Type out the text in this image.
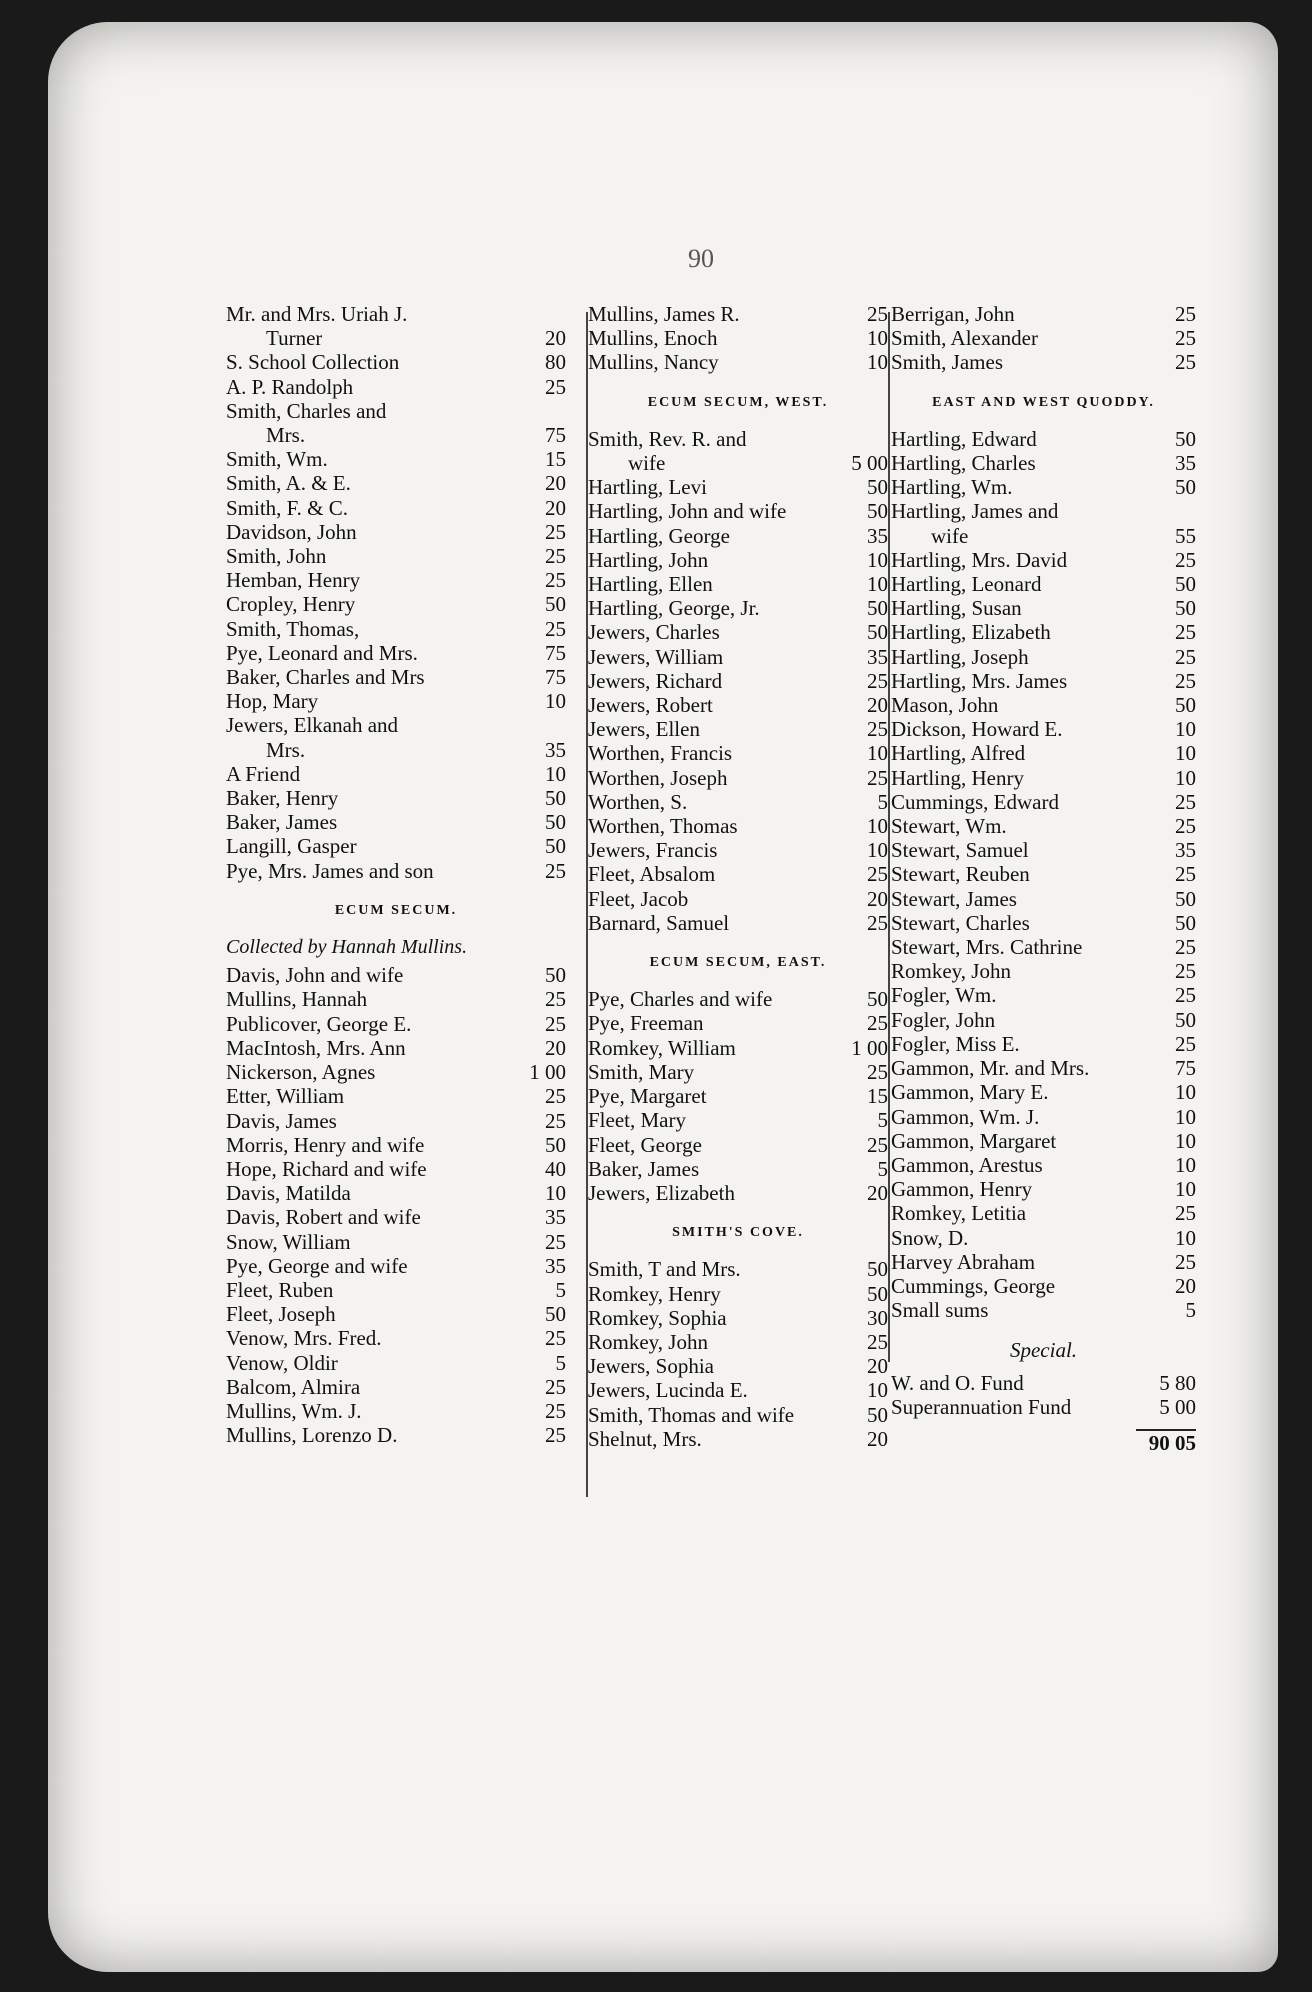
90
Mr. and Mrs. Uriah J.
Turner	20
S. School Collection	80
A. P. Randolph	25
Smith, Charles and
Mrs.	75
Smith, Wm.	15
Smith, A. & E.	20
Smith, F. & C.	20
Davidson, John	25
Smith, John	25
Hemban, Henry	25
Cropley, Henry	50
Smith, Thomas,	25
Pye, Leonard and Mrs.	75
Baker, Charles and Mrs	75
Hop, Mary	10
Jewers, Elkanah and
Mrs.	35
A Friend	10
Baker, Henry	50
Baker, James	50
Langill, Gasper	50
Pye, Mrs. James and son	25
ECUM SECUM.
Collected by Hannah Mullins.
Davis, John and wife	50
Mullins, Hannah	25
Publicover, George E.	25
MacIntosh, Mrs. Ann	20
Nickerson, Agnes	1 00
Etter, William	25
Davis, James	25
Morris, Henry and wife	50
Hope, Richard and wife	40
Davis, Matilda	10
Davis, Robert and wife	35
Snow, William	25
Pye, George and wife	35
Fleet, Ruben	5
Fleet, Joseph	50
Venow, Mrs. Fred.	25
Venow, Oldir	5
Balcom, Almira	25
Mullins, Wm. J.	25
Mullins, Lorenzo D.	25
Mullins, James R.	25
Mullins, Enoch	10
Mullins, Nancy	10
ECUM SECUM, WEST.
Smith, Rev. R. and
wife	5 00
Hartling, Levi	50
Hartling, John and wife	50
Hartling, George	35
Hartling, John	10
Hartling, Ellen	10
Hartling, George, Jr.	50
Jewers, Charles	50
Jewers, William	35
Jewers, Richard	25
Jewers, Robert	20
Jewers, Ellen	25
Worthen, Francis	10
Worthen, Joseph	25
Worthen, S.	5
Worthen, Thomas	10
Jewers, Francis	10
Fleet, Absalom	25
Fleet, Jacob	20
Barnard, Samuel	25
ECUM SECUM, EAST.
Pye, Charles and wife	50
Pye, Freeman	25
Romkey, William	1 00
Smith, Mary	25
Pye, Margaret	15
Fleet, Mary	5
Fleet, George	25
Baker, James	5
Jewers, Elizabeth	20
SMITH'S COVE.
Smith, T and Mrs.	50
Romkey, Henry	50
Romkey, Sophia	30
Romkey, John	25
Jewers, Sophia	20
Jewers, Lucinda E.	10
Smith, Thomas and wife	50
Shelnut, Mrs.	20
Berrigan, John	25
Smith, Alexander	25
Smith, James	25
EAST AND WEST QUODDY.
Hartling, Edward	50
Hartling, Charles	35
Hartling, Wm.	50
Hartling, James and
wife	55
Hartling, Mrs. David	25
Hartling, Leonard	50
Hartling, Susan	50
Hartling, Elizabeth	25
Hartling, Joseph	25
Hartling, Mrs. James	25
Mason, John	50
Dickson, Howard E.	10
Hartling, Alfred	10
Hartling, Henry	10
Cummings, Edward	25
Stewart, Wm.	25
Stewart, Samuel	35
Stewart, Reuben	25
Stewart, James	50
Stewart, Charles	50
Stewart, Mrs. Cathrine	25
Romkey, John	25
Fogler, Wm.	25
Fogler, John	50
Fogler, Miss E.	25
Gammon, Mr. and Mrs.	75
Gammon, Mary E.	10
Gammon, Wm. J.	10
Gammon, Margaret	10
Gammon, Arestus	10
Gammon, Henry	10
Romkey, Letitia	25
Snow, D.	10
Harvey Abraham	25
Cummings, George	20
Small sums	5
Special.
W. and O. Fund	5 80
Superannuation Fund	5 00
90 05
